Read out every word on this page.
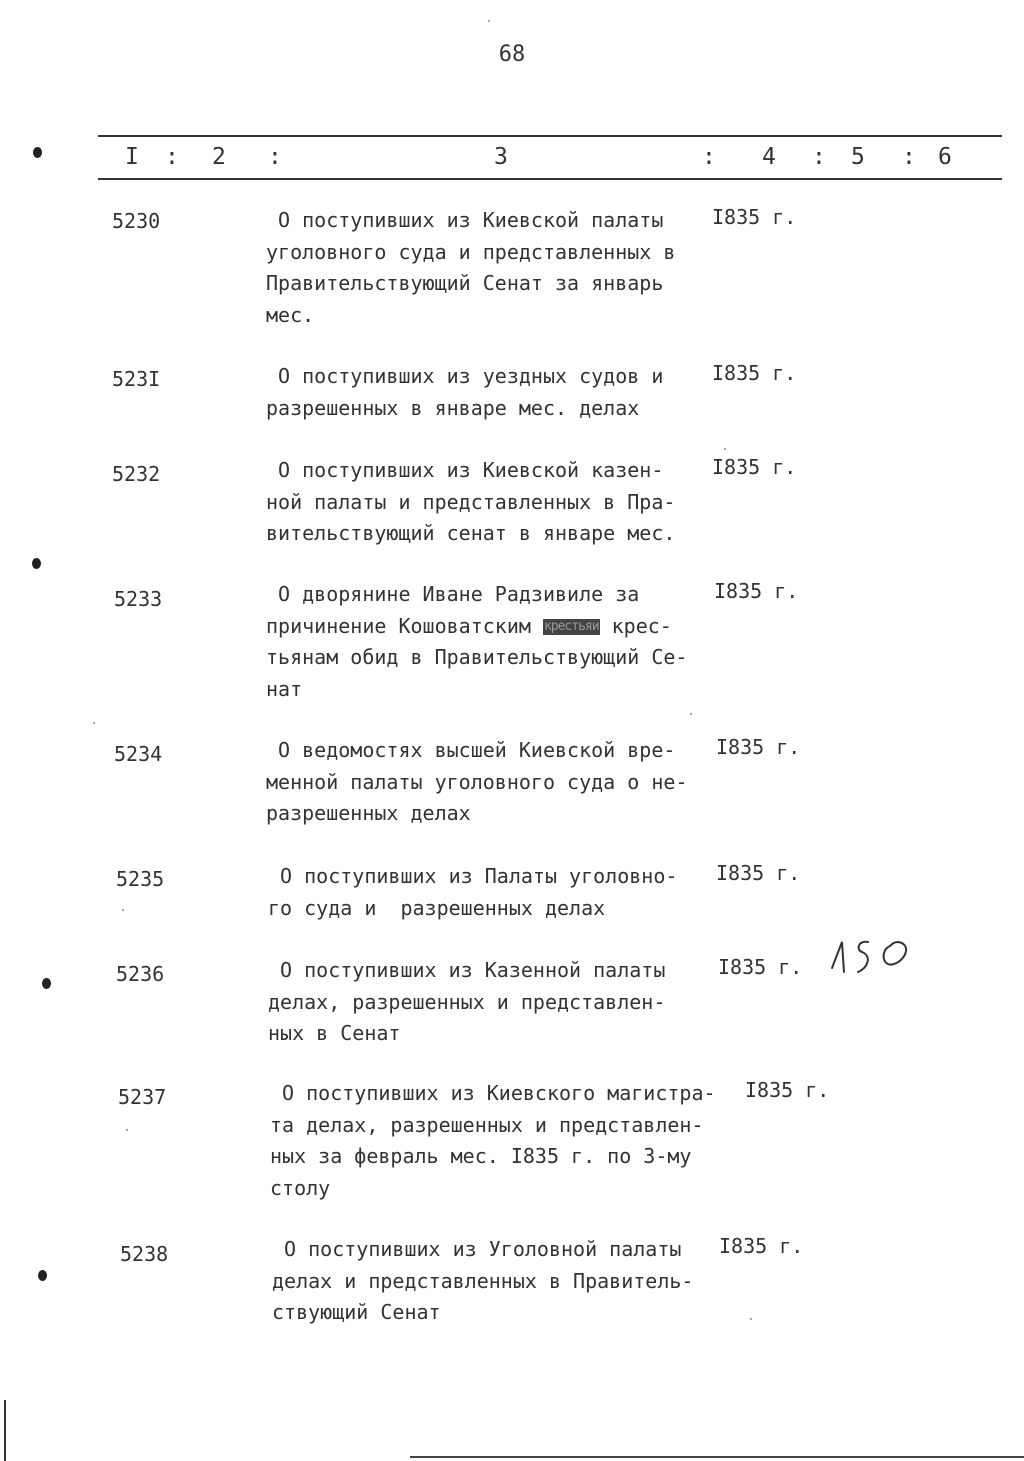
68
I : 2 :	3	: 4 : 5 : 6
5230	О поступивших из Киевской палаты
уголовного суда и представленных в
Правительствующий Сенат за январь
мес.
I835 г.
523I	О поступивших из уездных судов и
разрешенных в январе мес. делах
I835 г.
5232	О поступивших из Киевской казен-
ной палаты и представленных в Пра-
вительствующий сенат в январе мес.
I835 г.
5233	О дворянине Иване Радзивиле за
причинение Кошоватским крестьяи крес-
тьянам обид в Правительствующий Се-
нат
I835 г.
5234	О ведомостях высшей Киевской вре-
менной палаты уголовного суда о не-
разрешенных делах
I835 г.
5235	О поступивших из Палаты уголовно-
го суда и  разрешенных делах
I835 г.
5236	О поступивших из Казенной палаты
делах, разрешенных и представлен-
ных в Сенат
I835 г.
5237	О поступивших из Киевского магистра-
та делах, разрешенных и представлен-
ных за февраль мес. I835 г. по 3-му
столу
I835 г.
5238	О поступивших из Уголовной палаты
делах и представленных в Правитель-
ствующий Сенат
I835 г.
